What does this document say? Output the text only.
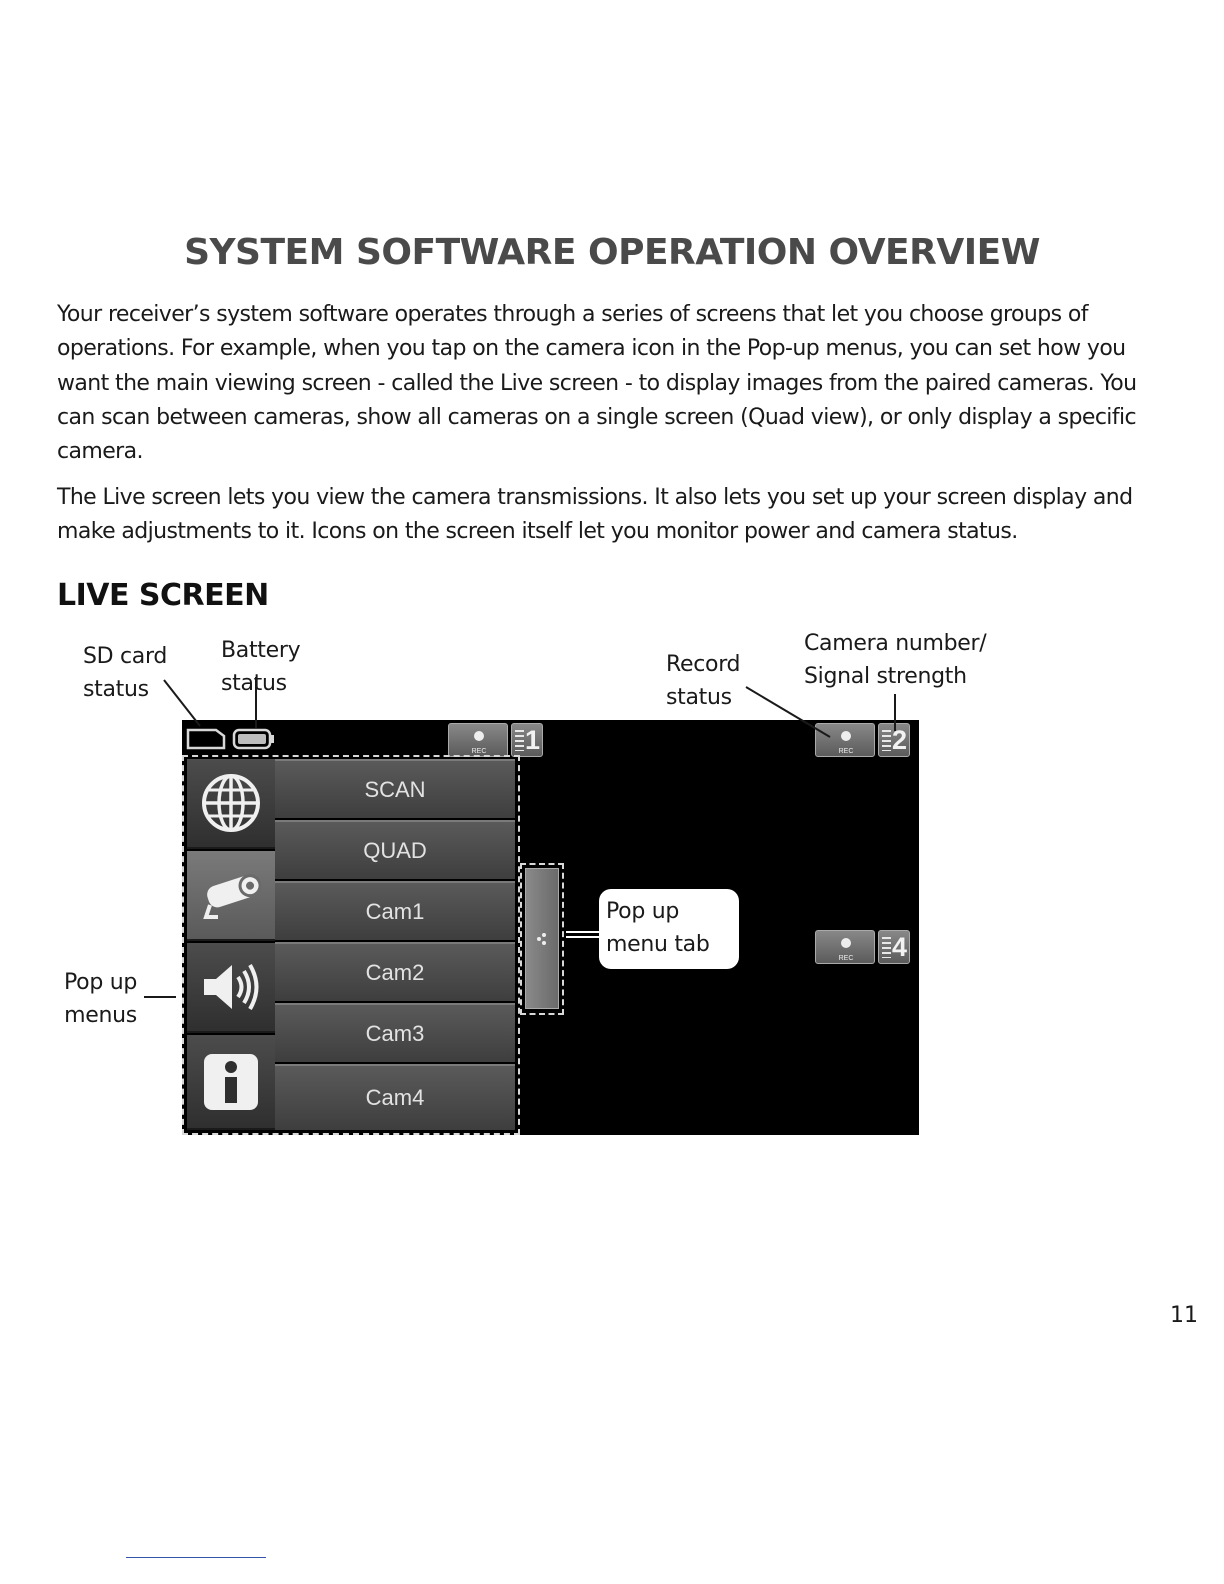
SYSTEM SOFTWARE OPERATION OVERVIEW

Your receiver’s system software operates through a series of screens that let you choose groups of operations. For example, when you tap on the camera icon in the Pop-up menus, you can set how you want the main viewing screen - called the Live screen - to display images from the paired cameras. You can scan between cameras, show all cameras on a single screen (Quad view), or only display a specific camera.

The Live screen lets you view the camera transmissions. It also lets you set up your screen display and make adjustments to it. Icons on the screen itself let you monitor power and camera status.

LIVE SCREEN
SD card
status
Battery
status
Record
status
Camera number/
Signal strength
Pop up
menus
REC	1	REC	2
REC	4
SCAN
QUAD
Cam1
Cam2
Cam3
Cam4
Pop up
menu tab
11
